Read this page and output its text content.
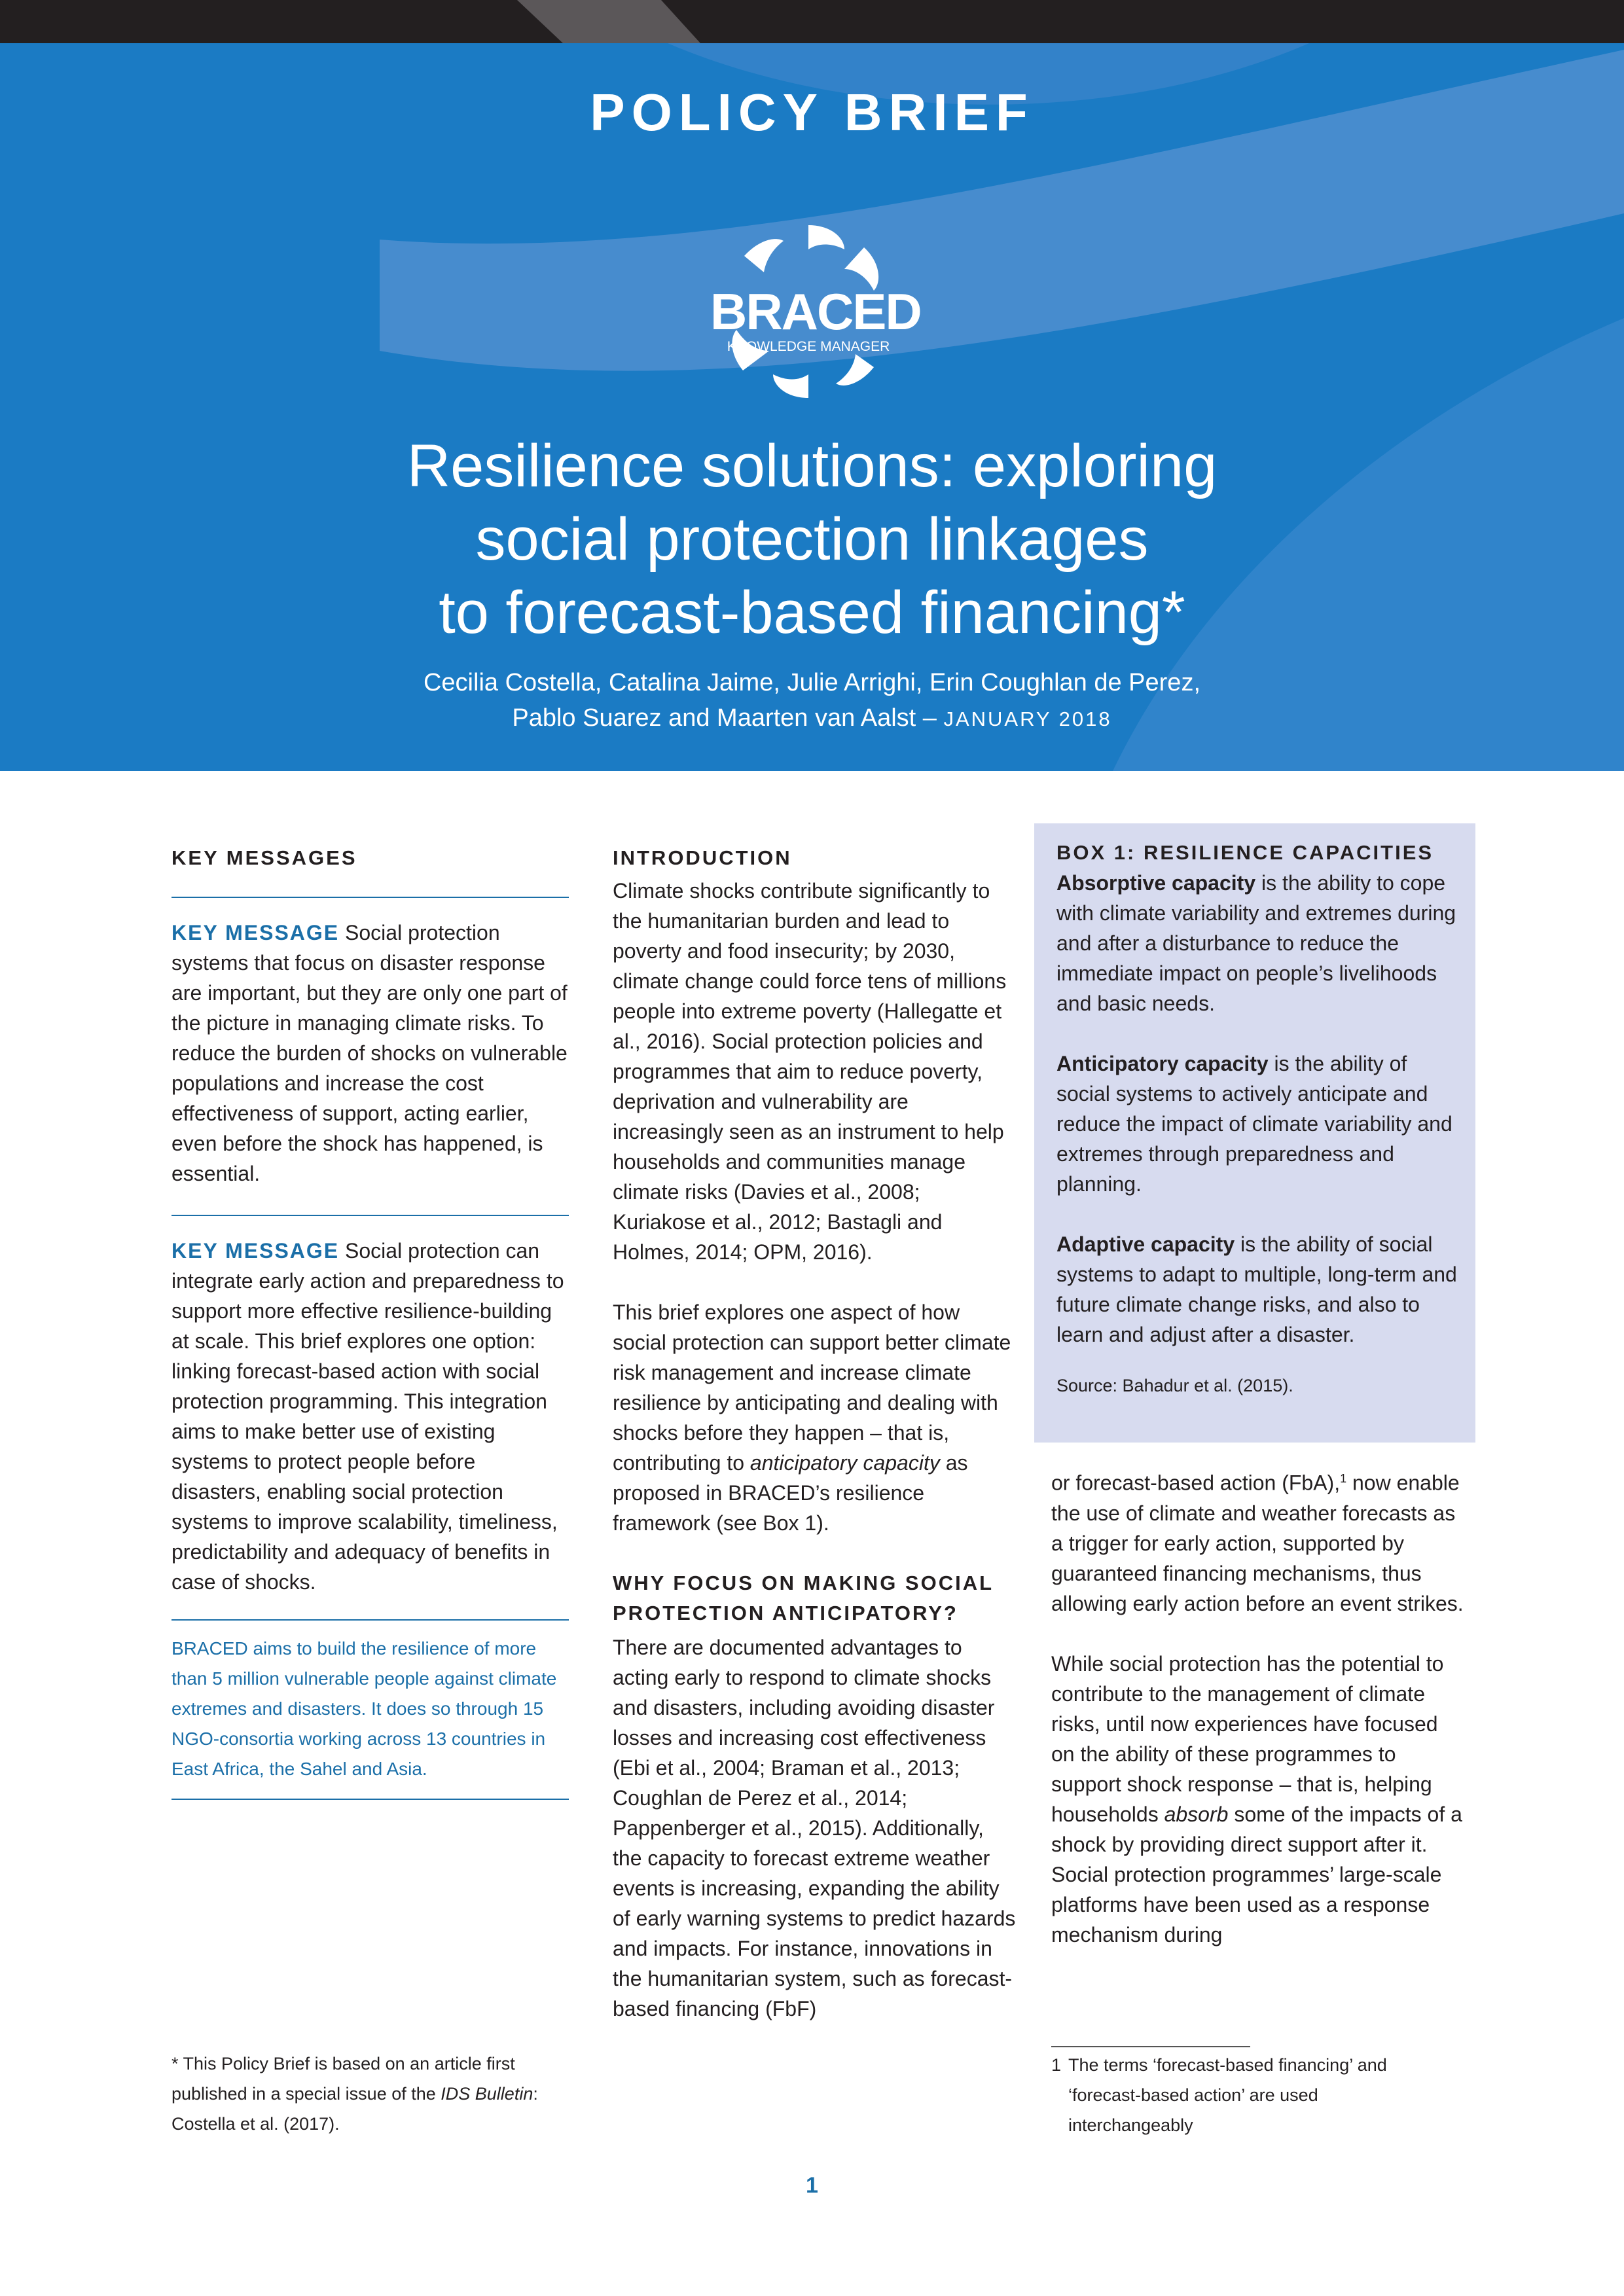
POLICY BRIEF
BRACED
KNOWLEDGE MANAGER
Resilience solutions: exploring
social protection linkages
to forecast-based financing*
Cecilia Costella, Catalina Jaime, Julie Arrighi, Erin Coughlan de Perez,
Pablo Suarez and Maarten van Aalst – JANUARY 2018
KEY MESSAGES

KEY MESSAGE Social protection systems that focus on disaster response are important, but they are only one part of the picture in managing climate risks. To reduce the burden of shocks on vulnerable populations and increase the cost effectiveness of support, acting earlier, even before the shock has happened, is essential.

KEY MESSAGE Social protection can integrate early action and preparedness to support more effective resilience-building at scale. This brief explores one option: linking forecast-based action with social protection programming. This integration aims to make better use of existing systems to protect people before disasters, enabling social protection systems to improve scalability, timeliness, predictability and adequacy of benefits in case of shocks.

BRACED aims to build the resilience of more than 5 million vulnerable people against climate extremes and disasters. It does so through 15 NGO-consortia working across 13 countries in East Africa, the Sahel and Asia.

* This Policy Brief is based on an article first published in a special issue of the IDS Bulletin: Costella et al. (2017).
INTRODUCTION

Climate shocks contribute significantly to the humanitarian burden and lead to poverty and food insecurity; by 2030, climate change could force tens of millions people into extreme poverty (Hallegatte et al., 2016). Social protection policies and programmes that aim to reduce poverty, deprivation and vulnerability are increasingly seen as an instrument to help households and communities manage climate risks (Davies et al., 2008; Kuriakose et al., 2012; Bastagli and Holmes, 2014; OPM, 2016).

This brief explores one aspect of how social protection can support better climate risk management and increase climate resilience by anticipating and dealing with shocks before they happen – that is, contributing to anticipatory capacity as proposed in BRACED’s resilience framework (see Box 1).

WHY FOCUS ON MAKING SOCIAL PROTECTION ANTICIPATORY?

There are documented advantages to acting early to respond to climate shocks and disasters, including avoiding disaster losses and increasing cost effectiveness (Ebi et al., 2004; Braman et al., 2013; Coughlan de Perez et al., 2014; Pappenberger et al., 2015). Additionally, the capacity to forecast extreme weather events is increasing, expanding the ability of early warning systems to predict hazards and impacts. For instance, innovations in the humanitarian system, such as forecast-based financing (FbF)

BOX 1: RESILIENCE CAPACITIES

Absorptive capacity is the ability to cope with climate variability and extremes during and after a disturbance to reduce the immediate impact on people’s livelihoods and basic needs.

Anticipatory capacity is the ability of social systems to actively anticipate and reduce the impact of climate variability and extremes through preparedness and planning.

Adaptive capacity is the ability of social systems to adapt to multiple, long-term and future climate change risks, and also to learn and adjust after a disaster.

Source: Bahadur et al. (2015).

or forecast-based action (FbA),$^1$ now enable the use of climate and weather forecasts as a trigger for early action, supported by guaranteed financing mechanisms, thus allowing early action before an event strikes.

While social protection has the potential to contribute to the management of climate risks, until now experiences have focused on the ability of these programmes to support shock response – that is, helping households absorb some of the impacts of a shock by providing direct support after it. Social protection programmes’ large-scale platforms have been used as a response mechanism during

1 The terms ‘forecast-based financing’ and ‘forecast-based action’ are used interchangeably
1
